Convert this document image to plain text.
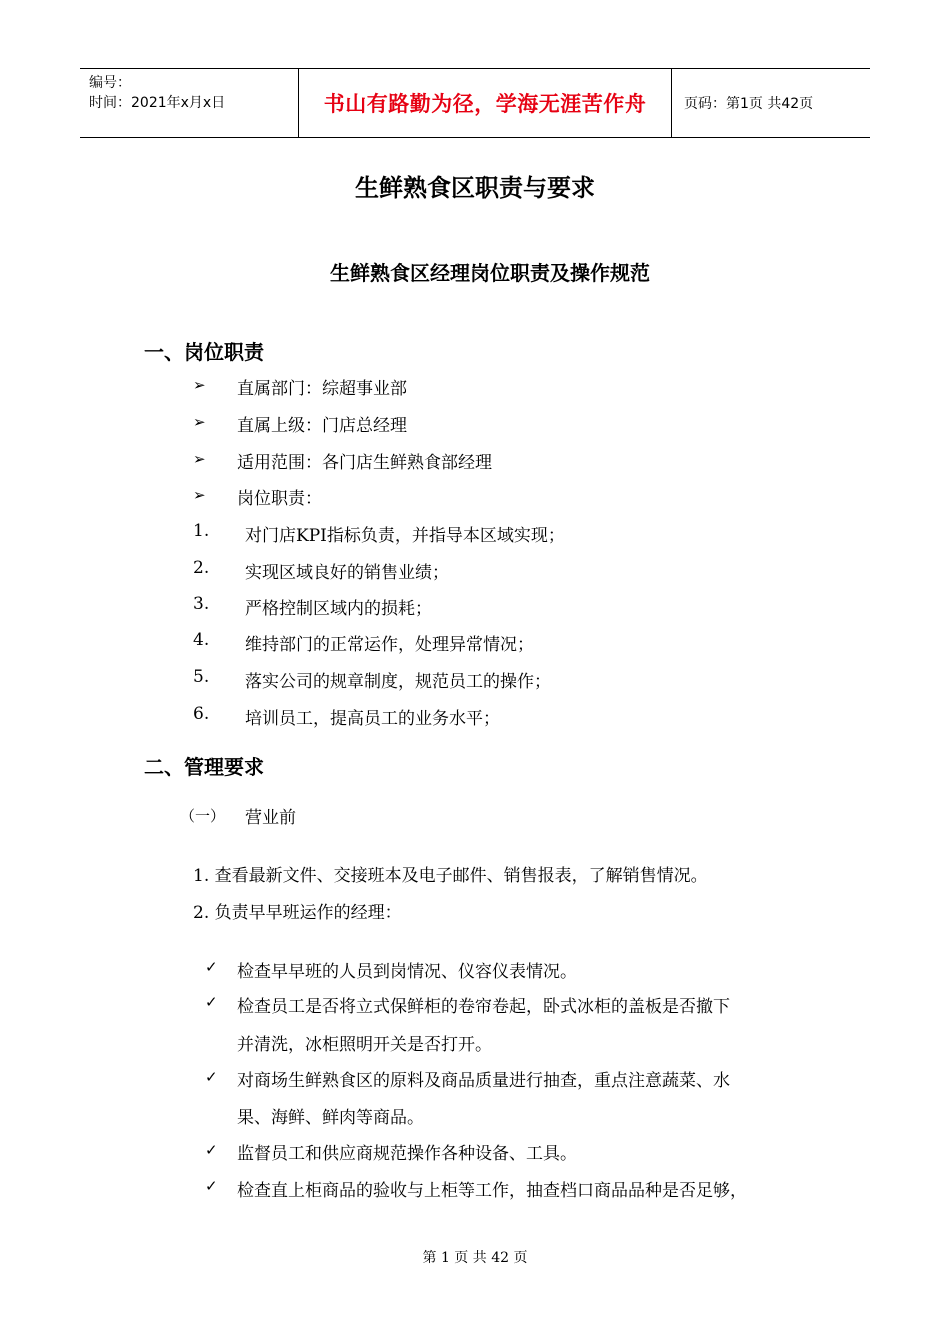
编号：
时间：2021年x月x日	书山有路勤为径，学海无涯苦作舟	页码：第1页 共42页
生鲜熟食区职责与要求
生鲜熟食区经理岗位职责及操作规范
一、岗位职责
➢ 直属部门：综超事业部
➢ 直属上级：门店总经理
➢ 适用范围：各门店生鲜熟食部经理
➢ 岗位职责：
1. 对门店KPI指标负责，并指导本区域实现；
2. 实现区域良好的销售业绩；
3. 严格控制区域内的损耗；
4. 维持部门的正常运作，处理异常情况；
5. 落实公司的规章制度，规范员工的操作；
6. 培训员工，提高员工的业务水平；
二、管理要求
（一） 营业前
1. 查看最新文件、交接班本及电子邮件、销售报表，了解销售情况。
2. 负责早早班运作的经理：
✓ 检查早早班的人员到岗情况、仪容仪表情况。
✓ 检查员工是否将立式保鲜柜的卷帘卷起，卧式冰柜的盖板是否撤下
并清洗，冰柜照明开关是否打开。
✓ 对商场生鲜熟食区的原料及商品质量进行抽查，重点注意蔬菜、水
果、海鲜、鲜肉等商品。
✓ 监督员工和供应商规范操作各种设备、工具。
✓ 检查直上柜商品的验收与上柜等工作，抽查档口商品品种是否足够，
第 1 页 共 42 页
